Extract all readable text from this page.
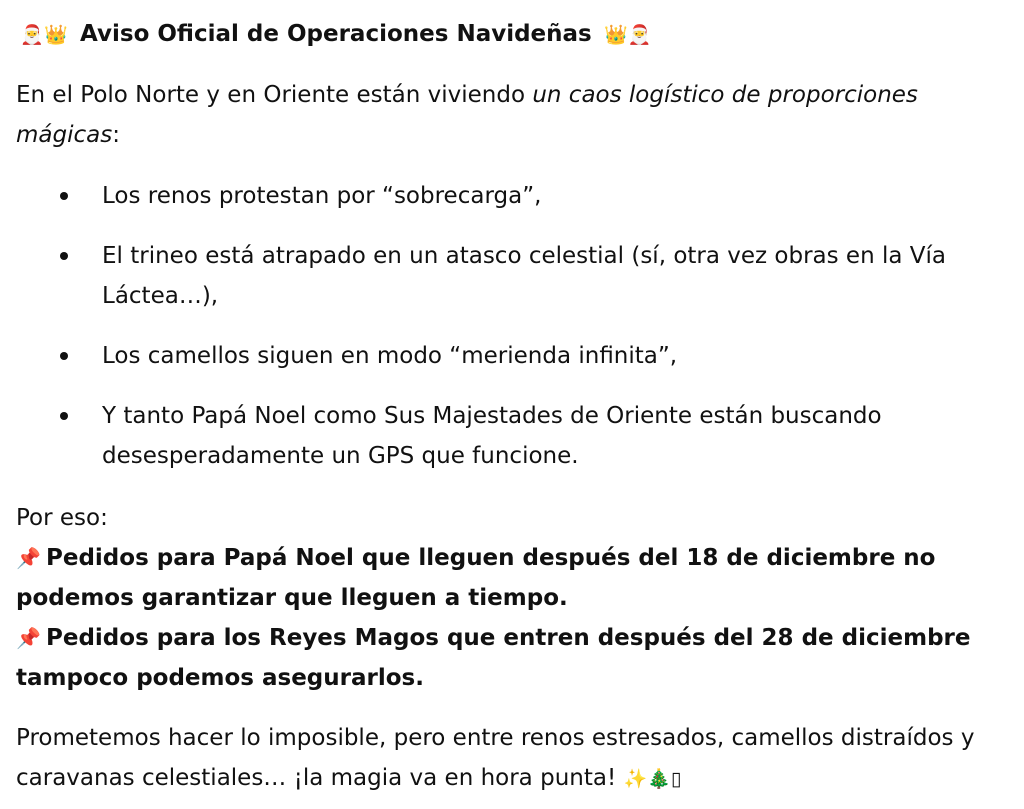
🎅👑 Aviso Oficial de Operaciones Navideñas 👑🎅

En el Polo Norte y en Oriente están viviendo un caos logístico de proporciones mágicas:

Los renos protestan por “sobrecarga”,
El trineo está atrapado en un atasco celestial (sí, otra vez obras en la Vía Láctea…),
Los camellos siguen en modo “merienda infinita”,
Y tanto Papá Noel como Sus Majestades de Oriente están buscando desesperadamente un GPS que funcione.

Por eso:

📌 Pedidos para Papá Noel que lleguen después del 18 de diciembre no podemos garantizar que lleguen a tiempo.

📌 Pedidos para los Reyes Magos que entren después del 28 de diciembre tampoco podemos asegurarlos.

Prometemos hacer lo imposible, pero entre renos estresados, camellos distraídos y caravanas celestiales… ¡la magia va en hora punta! ✨🎄▯
